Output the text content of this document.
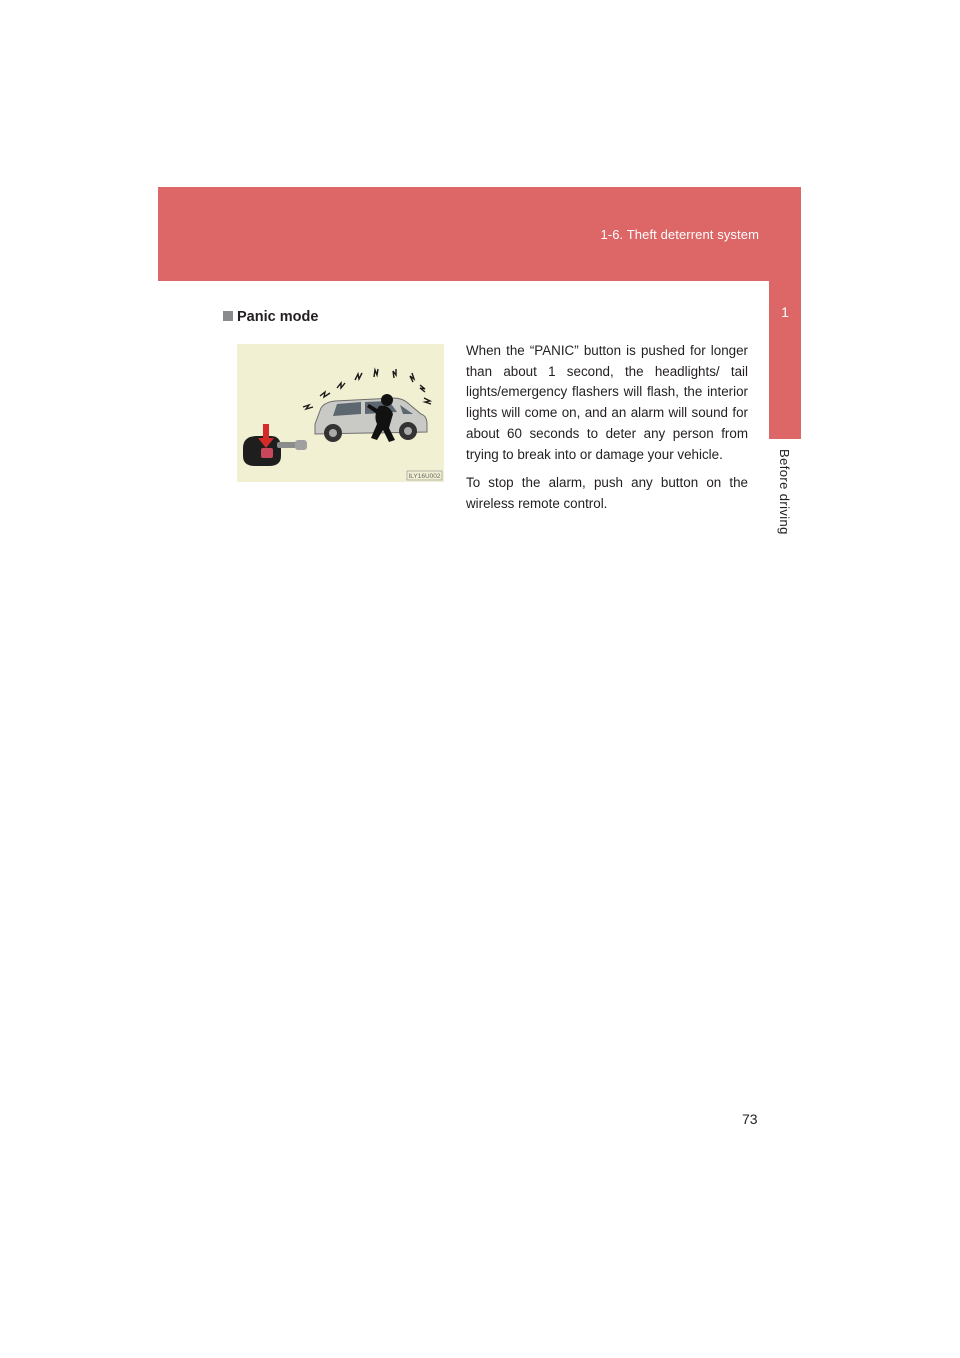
1-6. Theft deterrent system
1
Before driving
Panic mode
ILY16U002

When the “PANIC” button is pushed for longer than about 1 second, the headlights/ tail lights/emergency flashers will flash, the interior lights will come on, and an alarm will sound for about 60 seconds to deter any person from trying to break into or damage your vehicle.

To stop the alarm, push any button on the wireless remote control.

73
